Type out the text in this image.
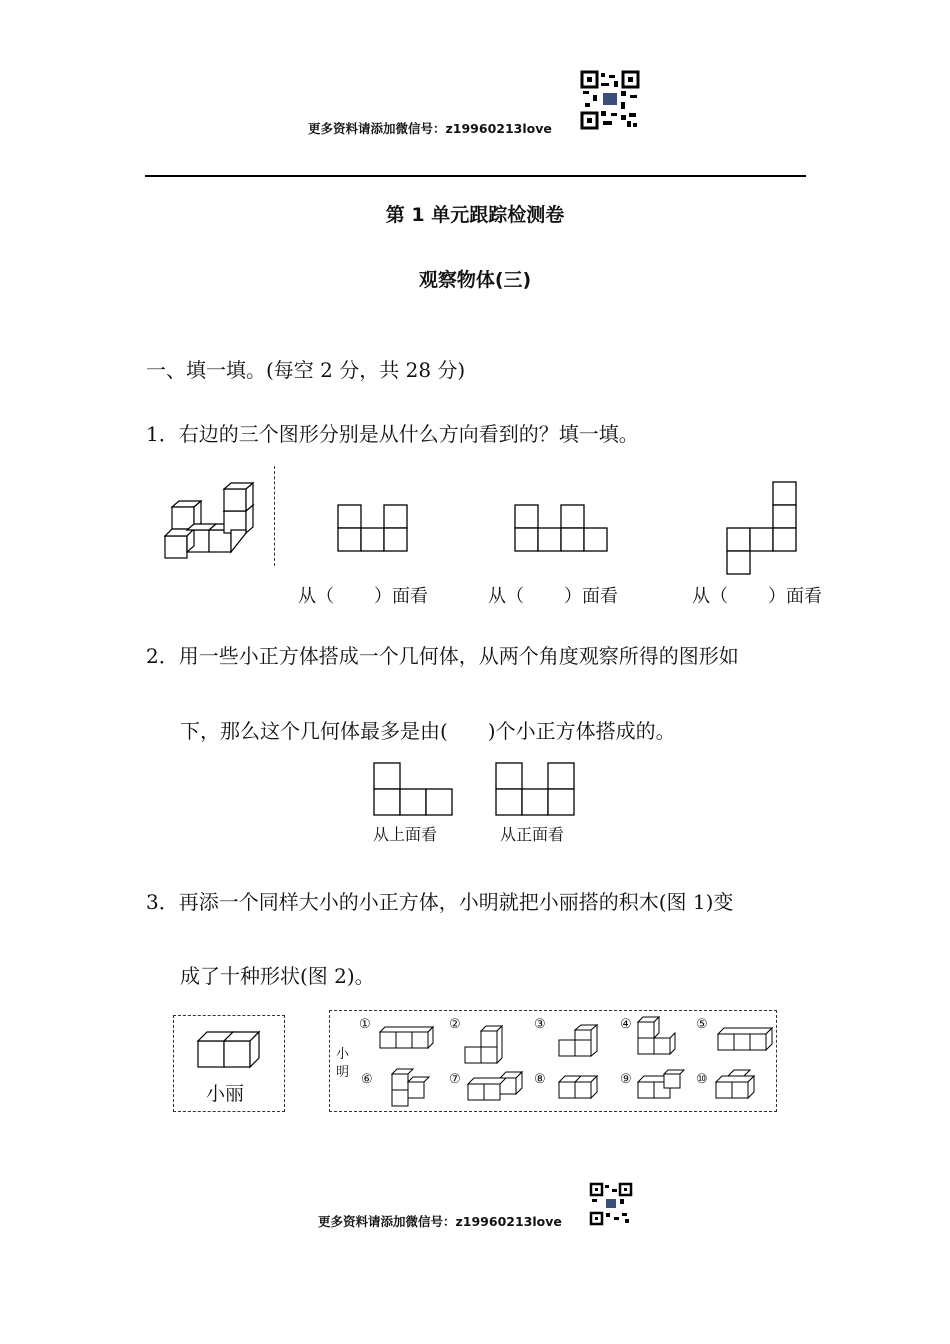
更多资料请添加微信号：z19960213love
第 1 单元跟踪检测卷
观察物体(三)
一、填一填。(每空 2 分，共 28 分)
1．右边的三个图形分别是从什么方向看到的？填一填。
从（ ）面看	从（ ）面看	从（ ）面看
2．用一些小正方体搭成一个几何体，从两个角度观察所得的图形如
下，那么这个几何体最多是由(　　)个小正方体搭成的。
从上面看	从正面看
3．再添一个同样大小的小正方体，小明就把小丽搭的积木(图 1)变
成了十种形状(图 2)。
小丽
小
明
①	②	③	④	⑤
⑥	⑦	⑧	⑨	⑩
更多资料请添加微信号：z19960213love
